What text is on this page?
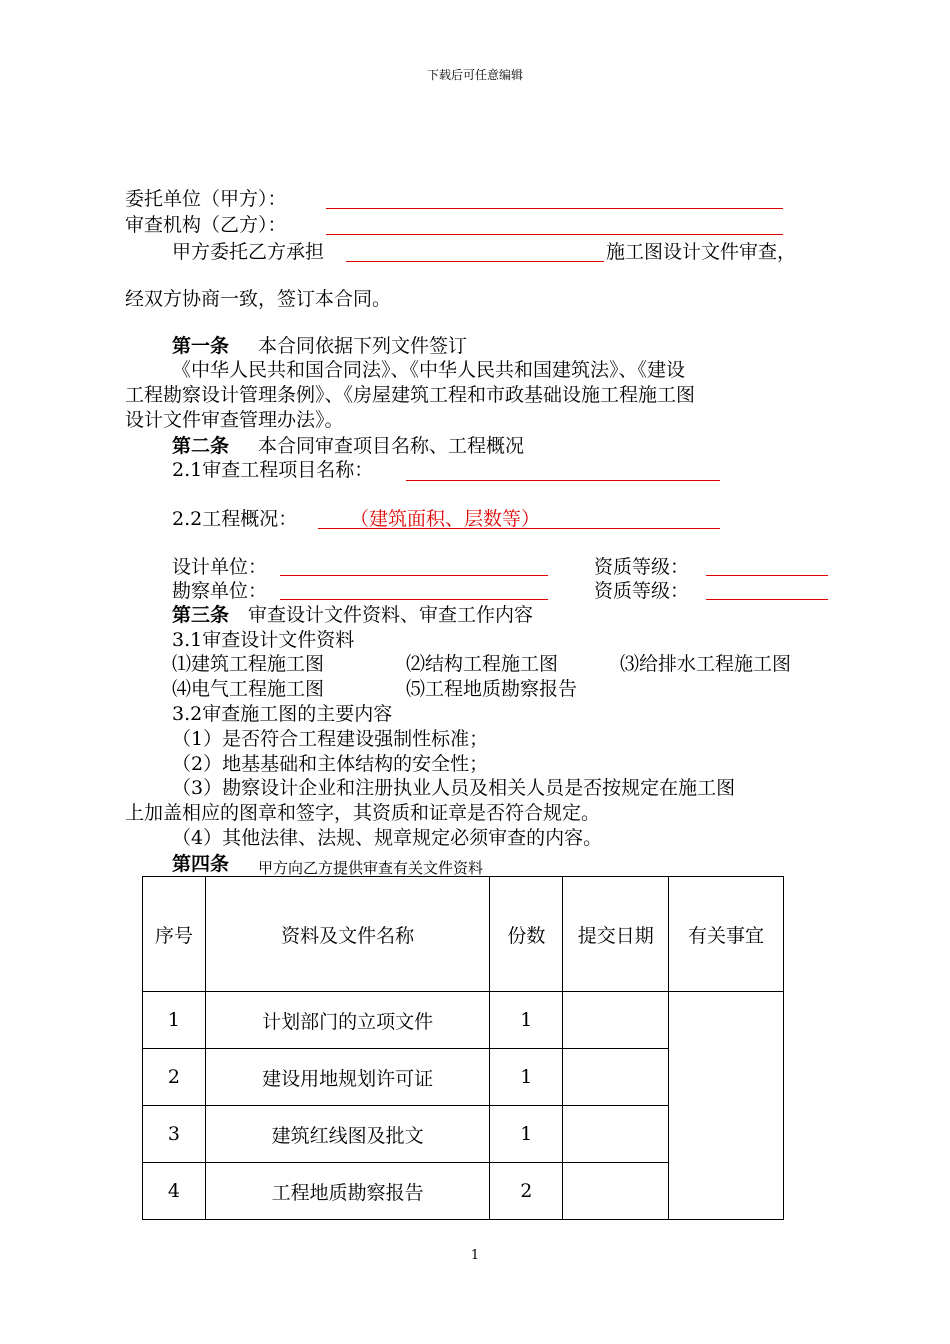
下载后可任意编辑
委托单位（甲方）：
审查机构（乙方）：
甲方委托乙方承担	施工图设计文件审查，
经双方协商一致，签订本合同。
第一条 本合同依据下列文件签订
《中华人民共和国合同法》、《中华人民共和国建筑法》、《建设
工程勘察设计管理条例》、《房屋建筑工程和市政基础设施工程施工图
设计文件审查管理办法》。
第二条 本合同审查项目名称、工程概况
2.1审查工程项目名称：
2.2工程概况：	（建筑面积、层数等）
设计单位：	资质等级：
勘察单位：	资质等级：
第三条 审查设计文件资料、审查工作内容
3.1审查设计文件资料
⑴建筑工程施工图	⑵结构工程施工图	⑶给排水工程施工图
⑷电气工程施工图	⑸工程地质勘察报告
3.2审查施工图的主要内容
（1）是否符合工程建设强制性标准；
（2）地基基础和主体结构的安全性；
（3）勘察设计企业和注册执业人员及相关人员是否按规定在施工图
上加盖相应的图章和签字，其资质和证章是否符合规定。
（4）其他法律、法规、规章规定必须审查的内容。
第四条 甲方向乙方提供审查有关文件资料
序号	资料及文件名称	份数	提交日期	有关事宜
1	计划部门的立项文件	1		
2	建设用地规划许可证	1		
3	建筑红线图及批文	1		
4	工程地质勘察报告	2		
1
